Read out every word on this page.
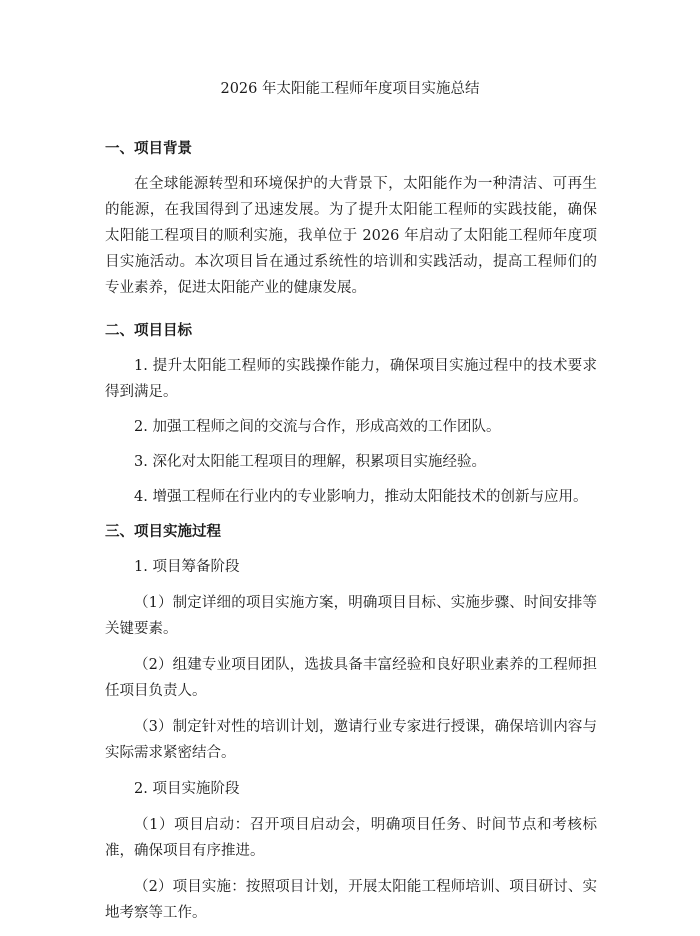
2026 年太阳能工程师年度项目实施总结
一、项目背景

在全球能源转型和环境保护的大背景下，太阳能作为一种清洁、可再生的能源，在我国得到了迅速发展。为了提升太阳能工程师的实践技能，确保太阳能工程项目的顺利实施，我单位于 2026 年启动了太阳能工程师年度项目实施活动。本次项目旨在通过系统性的培训和实践活动，提高工程师们的专业素养，促进太阳能产业的健康发展。

二、项目目标

1. 提升太阳能工程师的实践操作能力，确保项目实施过程中的技术要求得到满足。

2. 加强工程师之间的交流与合作，形成高效的工作团队。

3. 深化对太阳能工程项目的理解，积累项目实施经验。

4. 增强工程师在行业内的专业影响力，推动太阳能技术的创新与应用。

三、项目实施过程

1. 项目筹备阶段

（1）制定详细的项目实施方案，明确项目目标、实施步骤、时间安排等关键要素。

（2）组建专业项目团队，选拔具备丰富经验和良好职业素养的工程师担任项目负责人。

（3）制定针对性的培训计划，邀请行业专家进行授课，确保培训内容与实际需求紧密结合。

2. 项目实施阶段

（1）项目启动：召开项目启动会，明确项目任务、时间节点和考核标准，确保项目有序推进。

（2）项目实施：按照项目计划，开展太阳能工程师培训、项目研讨、实地考察等工作。
